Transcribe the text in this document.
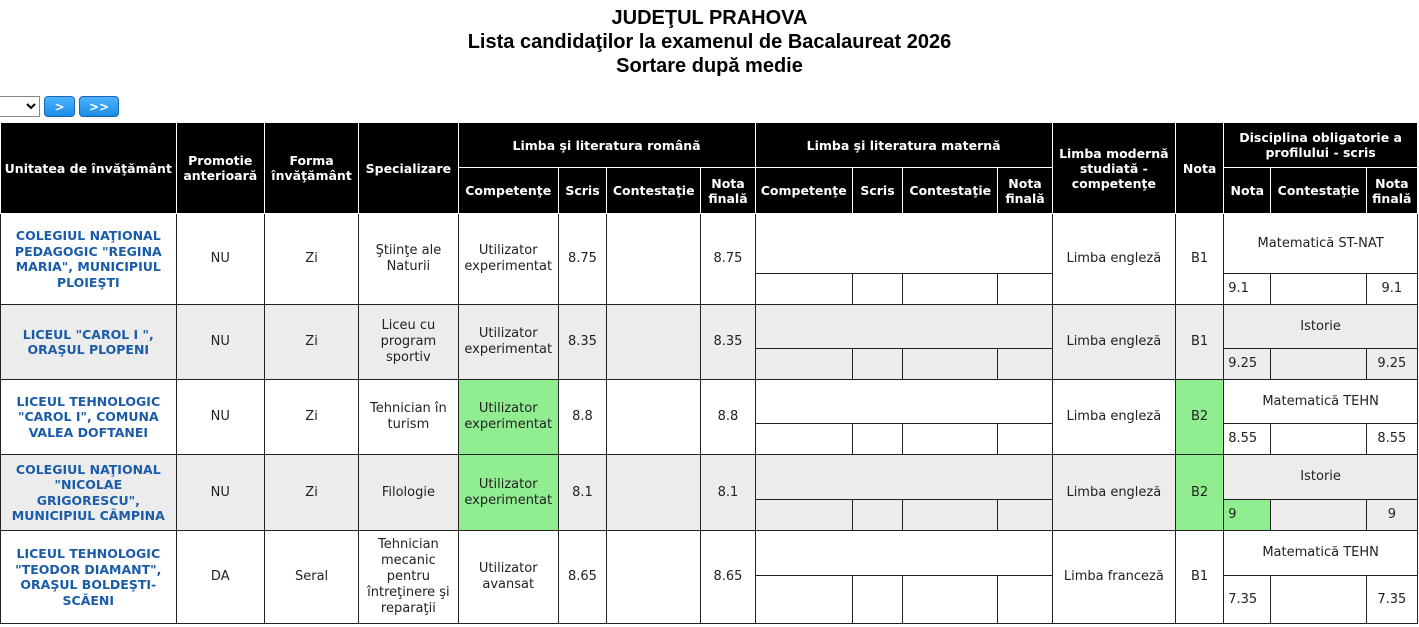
JUDEŢUL PRAHOVA
Lista candidaţilor la examenul de Bacalaureat 2026
Sortare după medie
>	>>
Unitatea de învăţământ	Promotie anterioară	Forma învăţământ	Specializare	Limba şi literatura română				Limba şi literatura maternă				Limba modernă studiată - competenţe	Nota	Disciplina obligatorie a profilului - scris		
				Competenţe	Scris	Contestaţie	Nota finală	Competenţe	Scris	Contestaţie	Nota finală			Nota	Contestaţie	Nota finală
COLEGIUL NAŢIONAL PEDAGOGIC "REGINA MARIA", MUNICIPIUL PLOIEŞTI	NU	Zi	Ştiinţe ale Naturii	Utilizator experimentat	8.75		8.75					Limba engleză	B1	Matematică ST-NAT		
														9.1		9.1
LICEUL "CAROL I ", ORAŞUL PLOPENI	NU	Zi	Liceu cu program sportiv	Utilizator experimentat	8.35		8.35					Limba engleză	B1	Istorie		
														9.25		9.25
LICEUL TEHNOLOGIC "CAROL I", COMUNA VALEA DOFTANEI	NU	Zi	Tehnician în turism	Utilizator experimentat	8.8		8.8					Limba engleză	B2	Matematică TEHN		
														8.55		8.55
COLEGIUL NAŢIONAL "NICOLAE GRIGORESCU", MUNICIPIUL CÂMPINA	NU	Zi	Filologie	Utilizator experimentat	8.1		8.1					Limba engleză	B2	Istorie		
														9		9
LICEUL TEHNOLOGIC "TEODOR DIAMANT", ORAŞUL BOLDEŞTI-SCĂENI	DA	Seral	Tehnician mecanic pentru întreţinere şi reparaţii	Utilizator avansat	8.65		8.65					Limba franceză	B1	Matematică TEHN		
														7.35		7.35
